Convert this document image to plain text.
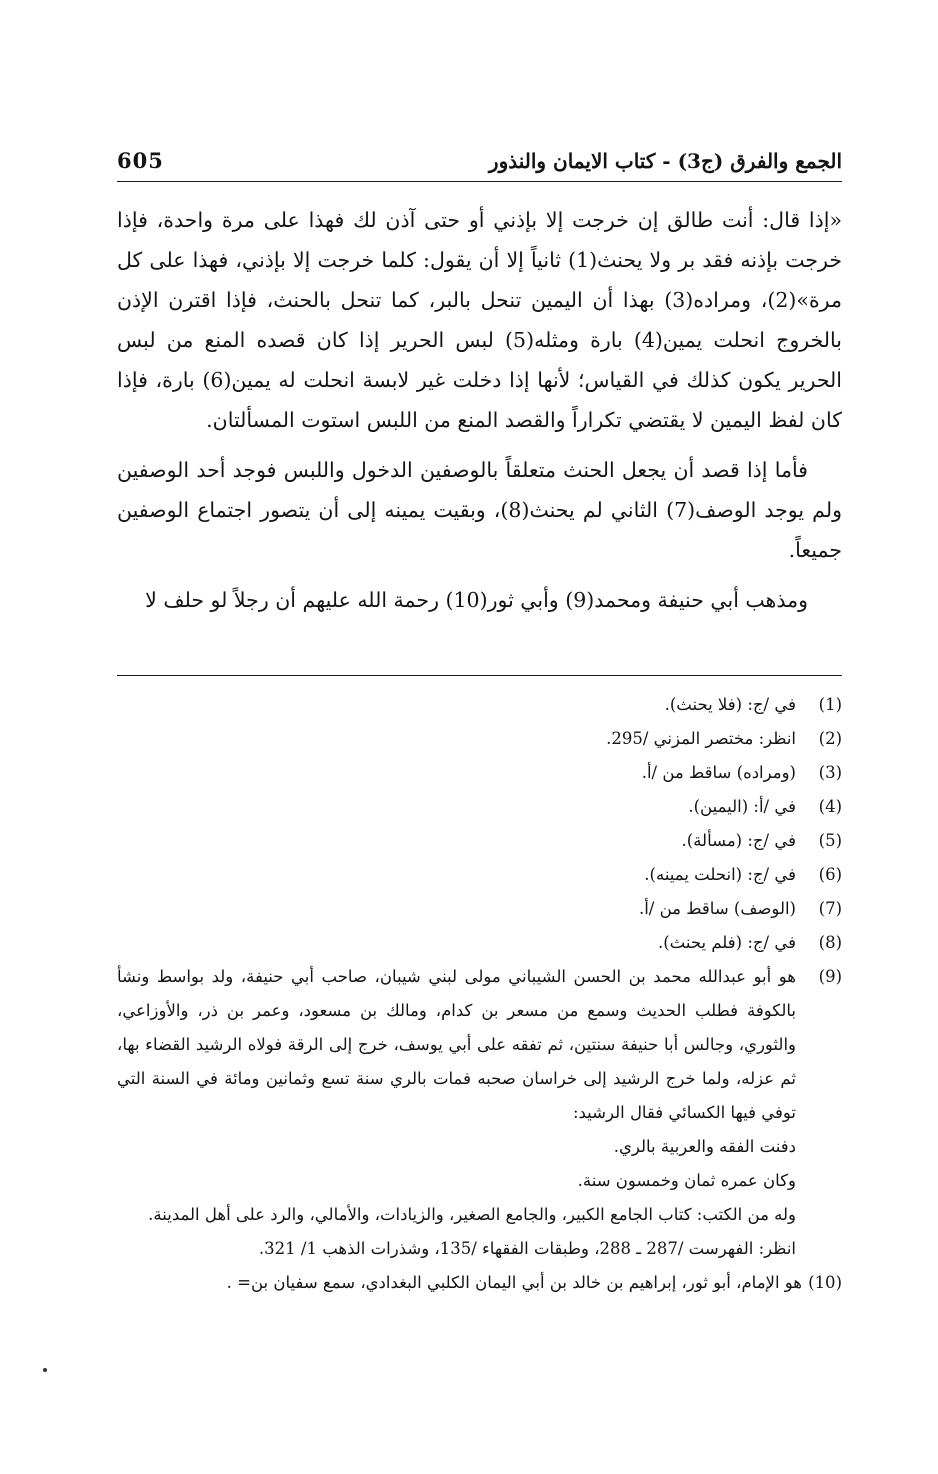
605	الجمع والفرق (ج3) - كتاب الايمان والنذور

«إذا قال: أنت طالق إن خرجت إلا بإذني أو حتى آذن لك فهذا على مرة واحدة، فإذا خرجت بإذنه فقد بر ولا يحنث(1) ثانياً إلا أن يقول: كلما خرجت إلا بإذني، فهذا على كل مرة»(2)، ومراده(3) بهذا أن اليمين تنحل بالبر، كما تنحل بالحنث، فإذا اقترن الإذن بالخروج انحلت يمين(4) بارة ومثله(5) لبس الحرير إذا كان قصده المنع من لبس الحرير يكون كذلك في القياس؛ لأنها إذا دخلت غير لابسة انحلت له يمين(6) بارة، فإذا كان لفظ اليمين لا يقتضي تكراراً والقصد المنع من اللبس استوت المسألتان.

فأما إذا قصد أن يجعل الحنث متعلقاً بالوصفين الدخول واللبس فوجد أحد الوصفين ولم يوجد الوصف(7) الثاني لم يحنث(8)، وبقيت يمينه إلى أن يتصور اجتماع الوصفين جميعاً.

ومذهب أبي حنيفة ومحمد(9) وأبي ثور(10) رحمة الله عليهم أن رجلاً لو حلف لا

(1)
في /ج: (فلا يحنث).
(2)
انظر: مختصر المزني /295.
(3)
(ومراده) ساقط من /أ.
(4)
في /أ: (اليمين).
(5)
في /ج: (مسألة).
(6)
في /ج: (انحلت يمينه).
(7)
(الوصف) ساقط من /أ.
(8)
في /ج: (فلم يحنث).
(9)
هو أبو عبدالله محمد بن الحسن الشيباني مولى لبني شيبان، صاحب أبي حنيفة، ولد بواسط ونشأ بالكوفة فطلب الحديث وسمع من مسعر بن كدام، ومالك بن مسعود، وعمر بن ذر، والأوزاعي، والثوري، وجالس أبا حنيفة سنتين، ثم تفقه على أبي يوسف، خرج إلى الرقة فولاه الرشيد القضاء بها، ثم عزله، ولما خرج الرشيد إلى خراسان صحبه فمات بالري سنة تسع وثمانين ومائة في السنة التي توفي فيها الكسائي فقال الرشيد:
دفنت الفقه والعربية بالري.
وكان عمره ثمان وخمسون سنة.
وله من الكتب: كتاب الجامع الكبير، والجامع الصغير، والزيادات، والأمالي، والرد على أهل المدينة.
انظر: الفهرست /287 ـ 288، وطبقات الفقهاء /135، وشذرات الذهب 1/ 321.
(10)
هو الإمام، أبو ثور، إبراهيم بن خالد بن أبي اليمان الكلبي البغدادي، سمع سفيان بن= .
